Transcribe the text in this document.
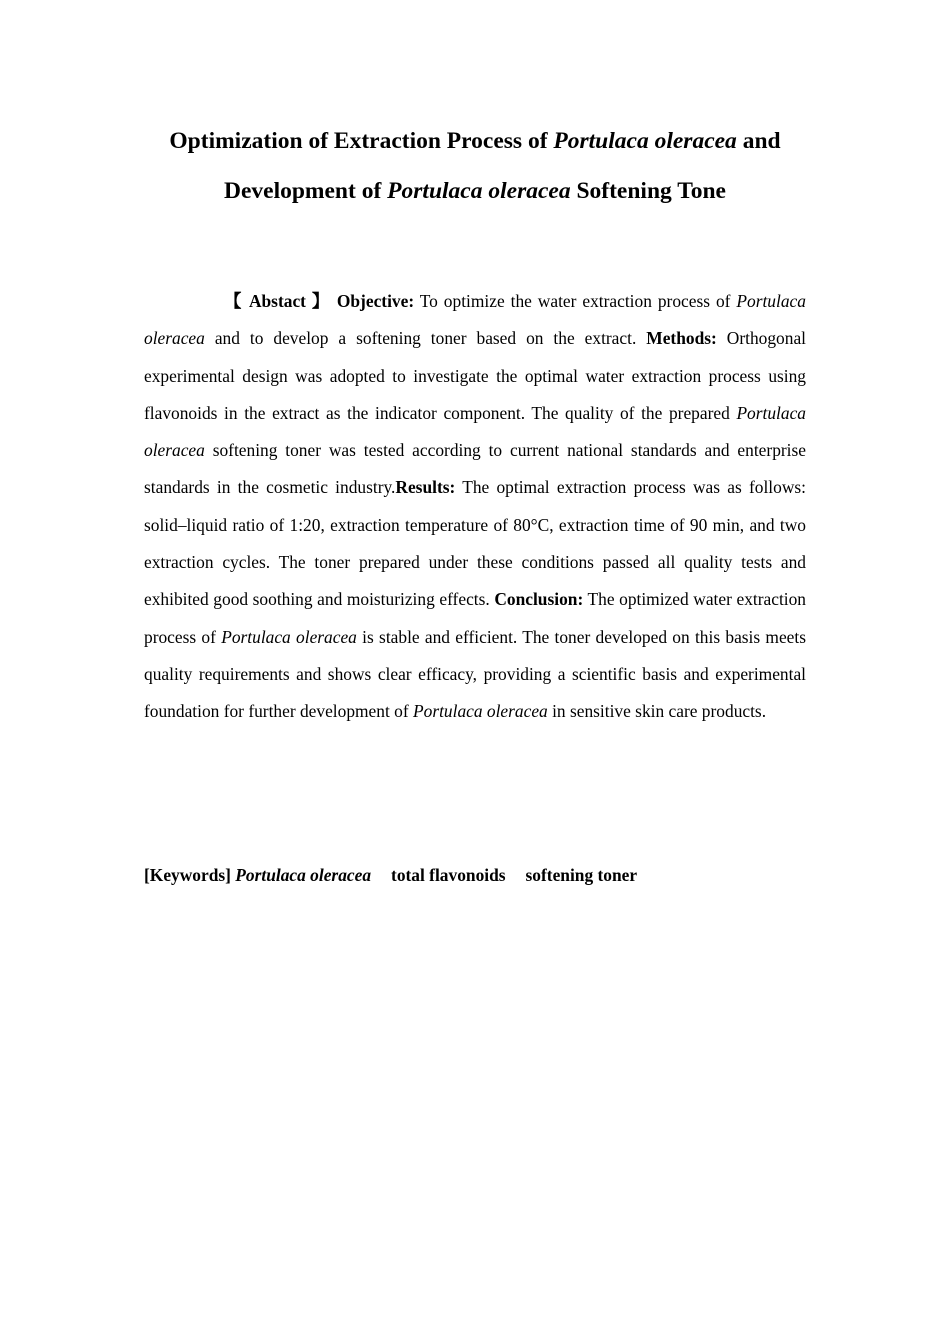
Optimization of Extraction Process of Portulaca oleracea and Development of Portulaca oleracea Softening Tone

【 Abstact 】 Objective: To optimize the water extraction process of Portulaca oleracea and to develop a softening toner based on the extract. Methods: Orthogonal experimental design was adopted to investigate the optimal water extraction process using flavonoids in the extract as the indicator component. The quality of the prepared Portulaca oleracea softening toner was tested according to current national standards and enterprise standards in the cosmetic industry.Results: The optimal extraction process was as follows: solid–liquid ratio of 1:20, extraction temperature of 80°C, extraction time of 90 min, and two extraction cycles. The toner prepared under these conditions passed all quality tests and exhibited good soothing and moisturizing effects. Conclusion: The optimized water extraction process of Portulaca oleracea is stable and efficient. The toner developed on this basis meets quality requirements and shows clear efficacy, providing a scientific basis and experimental foundation for further development of Portulaca oleracea in sensitive skin care products.

[Keywords] Portulaca oleracea total flavonoids softening toner
